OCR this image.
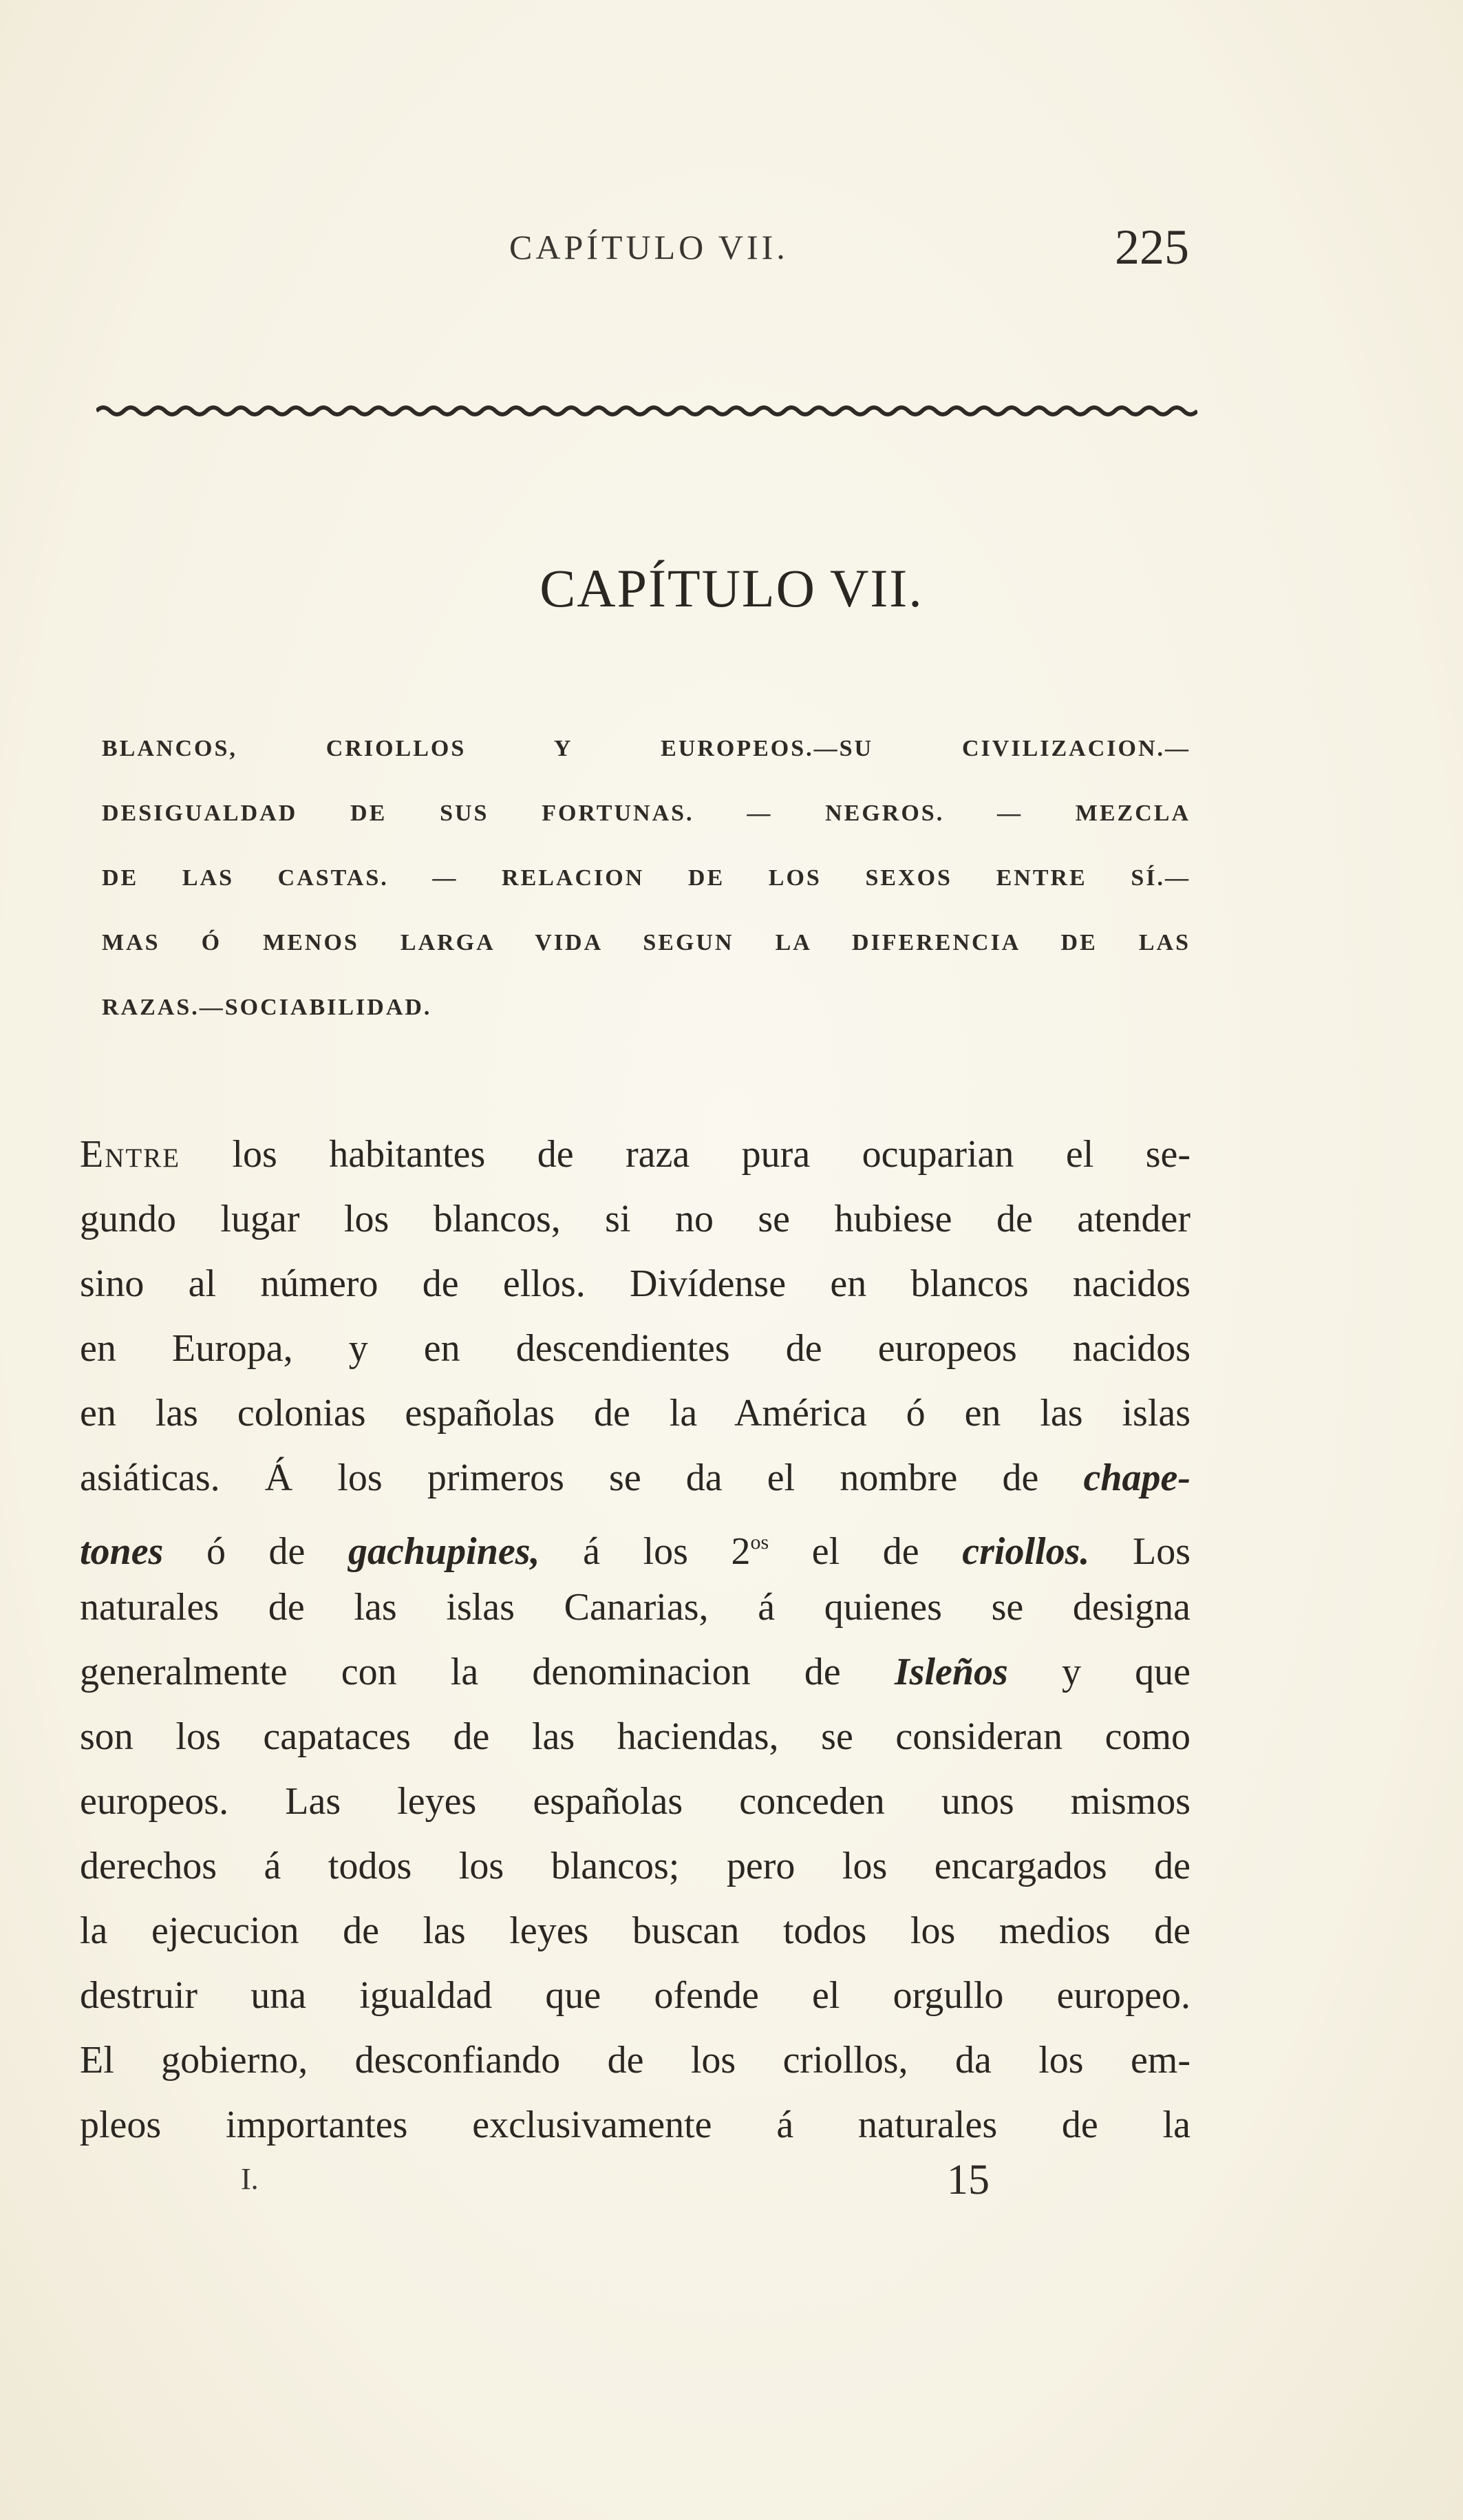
CAPÍTULO VII.	225
CAPÍTULO VII.
BLANCOS, CRIOLLOS Y EUROPEOS.—SU CIVILIZACION.—
DESIGUALDAD DE SUS FORTUNAS. — NEGROS. — MEZCLA
DE LAS CASTAS. — RELACION DE LOS SEXOS ENTRE SÍ.—
MAS Ó MENOS LARGA VIDA SEGUN LA DIFERENCIA DE LAS
RAZAS.—SOCIABILIDAD.
Entre los habitantes de raza pura ocuparian el se-
gundo lugar los blancos, si no se hubiese de atender
sino al número de ellos. Divídense en blancos nacidos
en Europa, y en descendientes de europeos nacidos
en las colonias españolas de la América ó en las islas
asiáticas. Á los primeros se da el nombre de chape-
tones ó de gachupines, á los $2^{os}$ el de criollos. Los
naturales de las islas Canarias, á quienes se designa
generalmente con la denominacion de Isleños y que
son los capataces de las haciendas, se consideran como
europeos. Las leyes españolas conceden unos mismos
derechos á todos los blancos; pero los encargados de
la ejecucion de las leyes buscan todos los medios de
destruir una igualdad que ofende el orgullo europeo.
El gobierno, desconfiando de los criollos, da los em-
pleos importantes exclusivamente á naturales de la
I.	15
